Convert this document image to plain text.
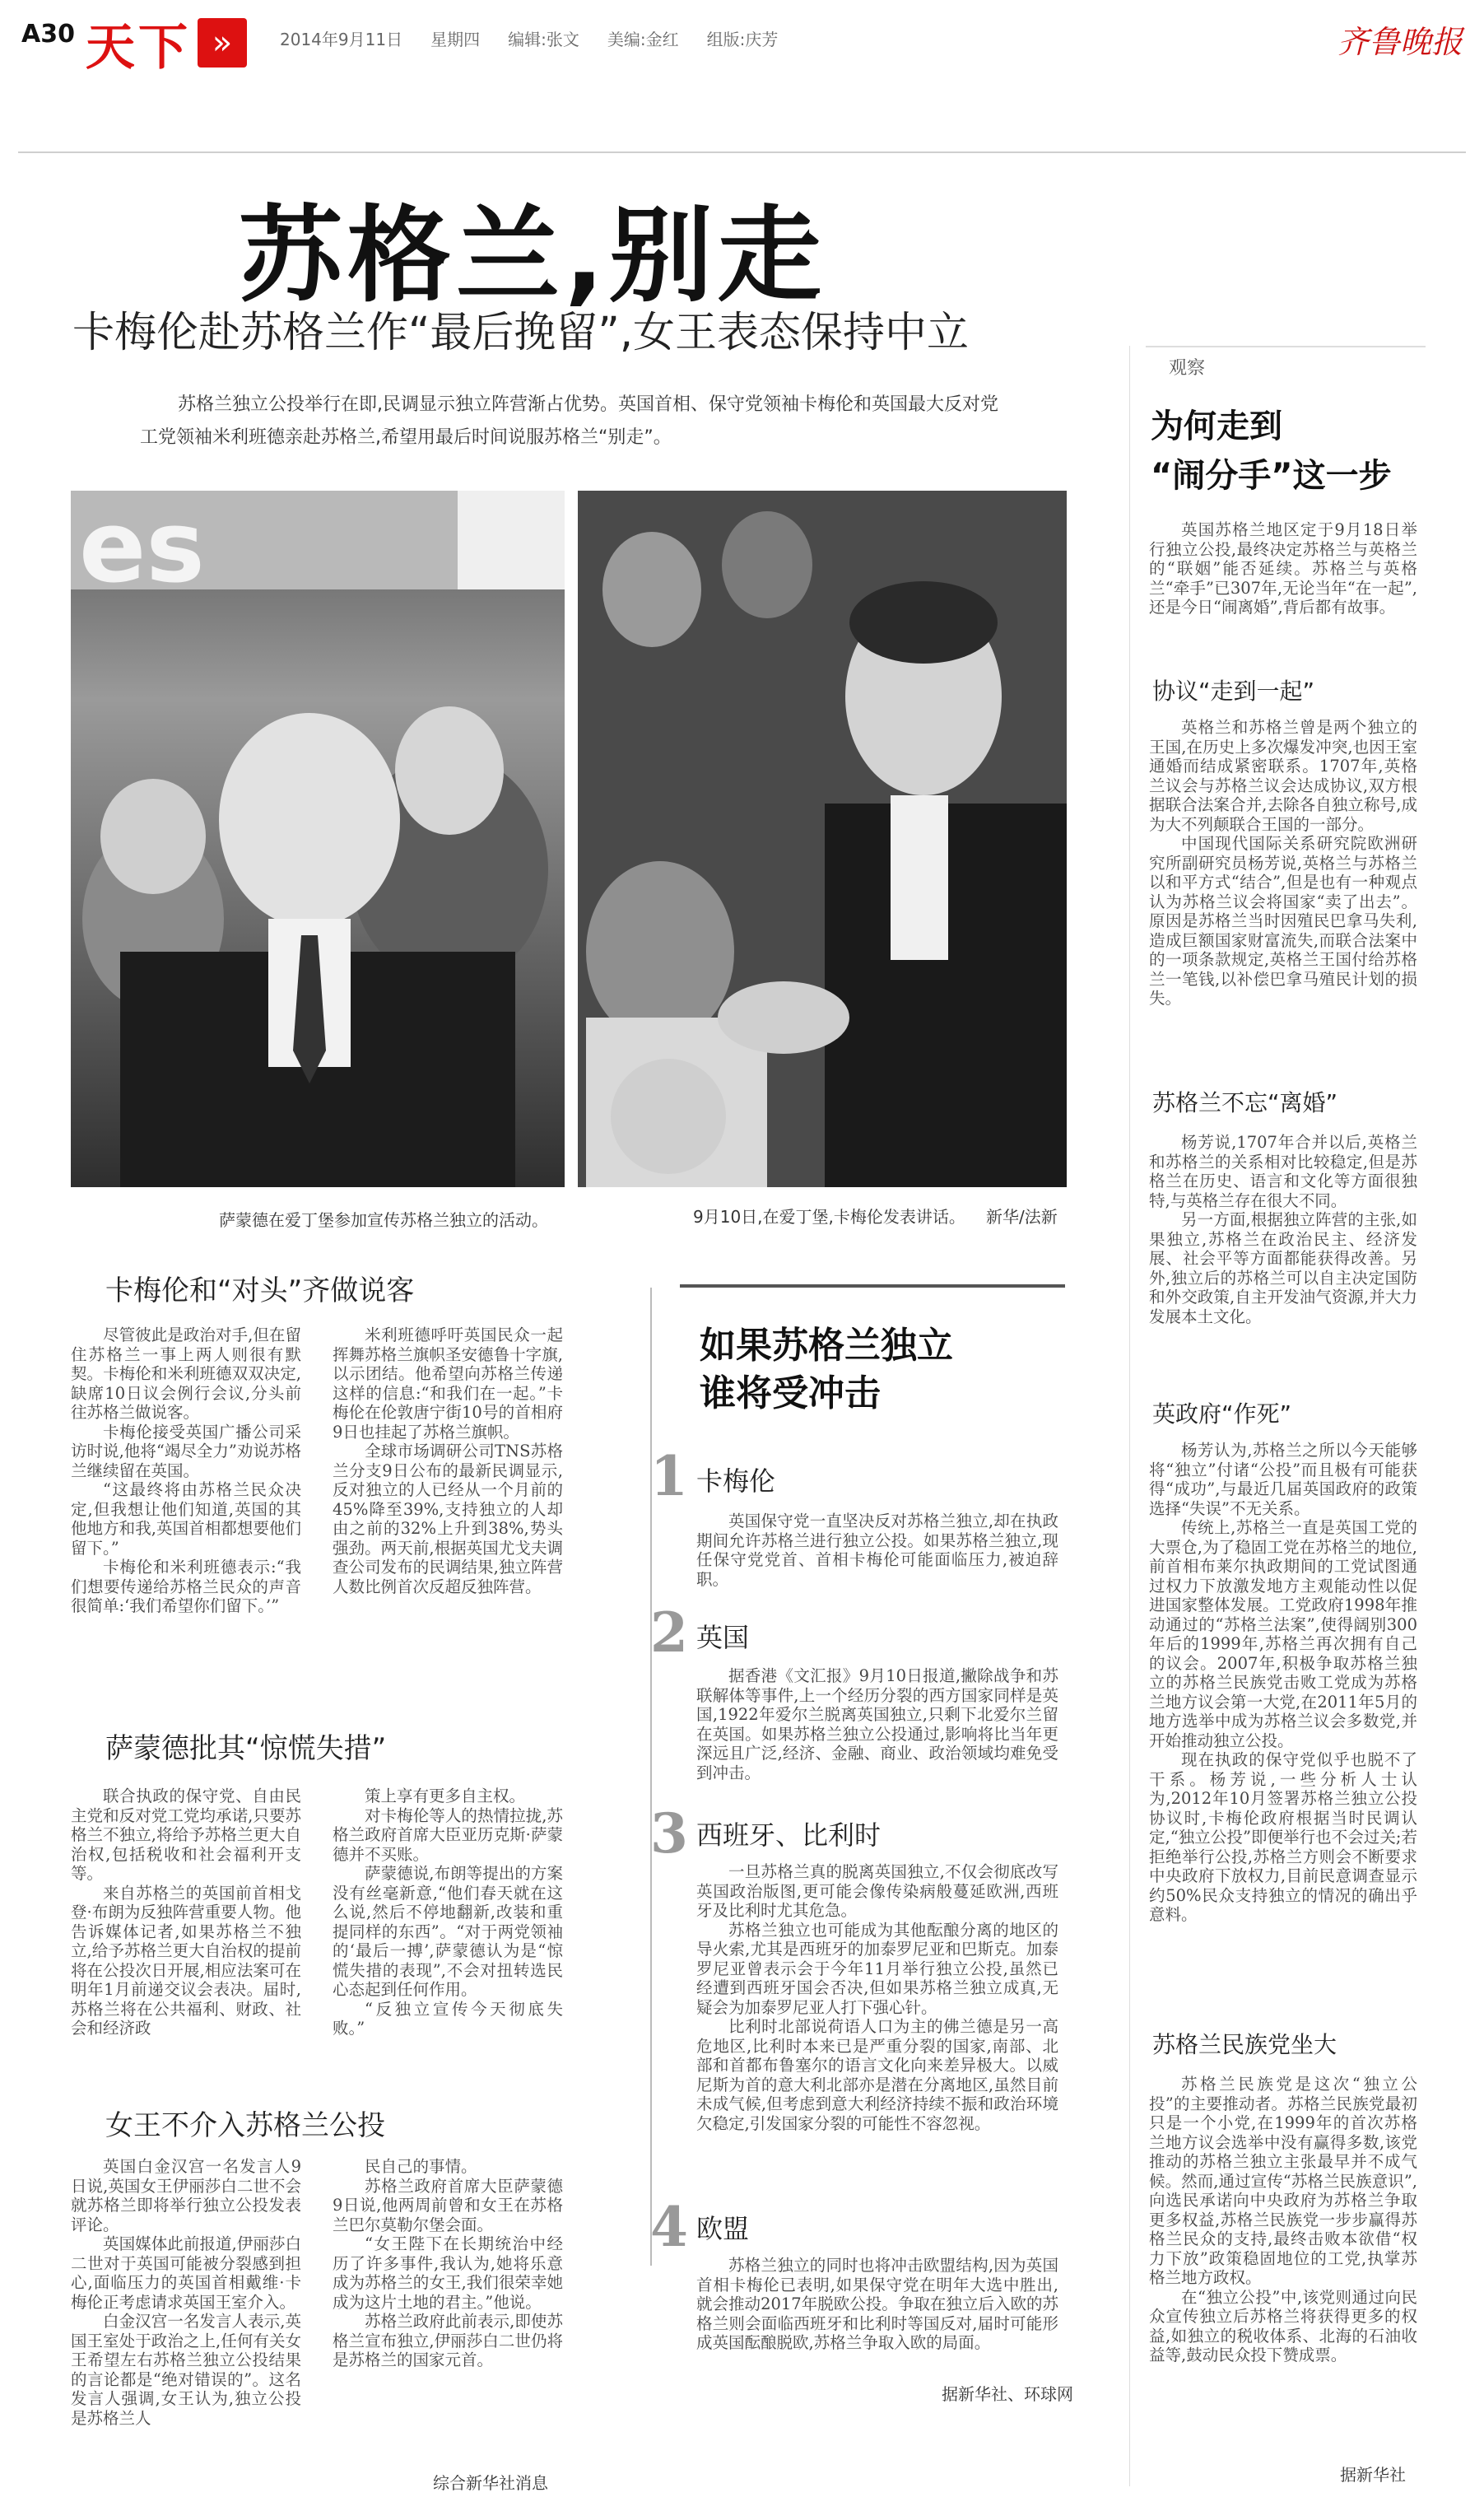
A30 天下 »	2014年9月11日 星期四 编辑:张文 美编:金红 组版:庆芳	齐鲁晚报
苏格兰,别走
卡梅伦赴苏格兰作“最后挽留”,女王表态保持中立
苏格兰独立公投举行在即,民调显示独立阵营渐占优势。英国首相、保守党领袖卡梅伦和英国最大反对党工党领袖米利班德亲赴苏格兰,希望用最后时间说服苏格兰“别走”。
es
萨蒙德在爱丁堡参加宣传苏格兰独立的活动。	9月10日,在爱丁堡,卡梅伦发表讲话。 新华/法新
卡梅伦和“对头”齐做说客

尽管彼此是政治对手,但在留住苏格兰一事上两人则很有默契。卡梅伦和米利班德双双决定,缺席10日议会例行会议,分头前往苏格兰做说客。

卡梅伦接受英国广播公司采访时说,他将“竭尽全力”劝说苏格兰继续留在英国。

“这最终将由苏格兰民众决定,但我想让他们知道,英国的其他地方和我,英国首相都想要他们留下。”

卡梅伦和米利班德表示:“我们想要传递给苏格兰民众的声音很简单:‘我们希望你们留下。’”

米利班德呼吁英国民众一起挥舞苏格兰旗帜圣安德鲁十字旗,以示团结。他希望向苏格兰传递这样的信息:“和我们在一起。”卡梅伦在伦敦唐宁街10号的首相府9日也挂起了苏格兰旗帜。

全球市场调研公司TNS苏格兰分支9日公布的最新民调显示,反对独立的人已经从一个月前的45%降至39%,支持独立的人却由之前的32%上升到38%,势头强劲。两天前,根据英国尤戈夫调查公司发布的民调结果,独立阵营人数比例首次反超反独阵营。

萨蒙德批其“惊慌失措”

联合执政的保守党、自由民主党和反对党工党均承诺,只要苏格兰不独立,将给予苏格兰更大自治权,包括税收和社会福利开支等。

来自苏格兰的英国前首相戈登·布朗为反独阵营重要人物。他告诉媒体记者,如果苏格兰不独立,给予苏格兰更大自治权的提前将在公投次日开展,相应法案可在明年1月前递交议会表决。届时,苏格兰将在公共福利、财政、社会和经济政

策上享有更多自主权。

对卡梅伦等人的热情拉拢,苏格兰政府首席大臣亚历克斯·萨蒙德并不买账。

萨蒙德说,布朗等提出的方案没有丝毫新意,“他们春天就在这么说,然后不停地翻新,改装和重提同样的东西”。“对于两党领袖的‘最后一搏’,萨蒙德认为是“惊慌失措的表现”,不会对扭转选民心态起到任何作用。

“反独立宣传今天彻底失败。”

女王不介入苏格兰公投

英国白金汉宫一名发言人9日说,英国女王伊丽莎白二世不会就苏格兰即将举行独立公投发表评论。

英国媒体此前报道,伊丽莎白二世对于英国可能被分裂感到担心,面临压力的英国首相戴维·卡梅伦正考虑请求英国王室介入。

白金汉宫一名发言人表示,英国王室处于政治之上,任何有关女王希望左右苏格兰独立公投结果的言论都是“绝对错误的”。这名发言人强调,女王认为,独立公投是苏格兰人

民自己的事情。

苏格兰政府首席大臣萨蒙德9日说,他两周前曾和女王在苏格兰巴尔莫勒尔堡会面。

“女王陛下在长期统治中经历了许多事件,我认为,她将乐意成为苏格兰的女王,我们很荣幸她成为这片土地的君主。”他说。

苏格兰政府此前表示,即使苏格兰宣布独立,伊丽莎白二世仍将是苏格兰的国家元首。

综合新华社消息
如果苏格兰独立
谁将受冲击
1 卡梅伦

英国保守党一直坚决反对苏格兰独立,却在执政期间允许苏格兰进行独立公投。如果苏格兰独立,现任保守党党首、首相卡梅伦可能面临压力,被迫辞职。

2 英国

据香港《文汇报》9月10日报道,撇除战争和苏联解体等事件,上一个经历分裂的西方国家同样是英国,1922年爱尔兰脱离英国独立,只剩下北爱尔兰留在英国。如果苏格兰独立公投通过,影响将比当年更深远且广泛,经济、金融、商业、政治领域均难免受到冲击。

3 西班牙、比利时

一旦苏格兰真的脱离英国独立,不仅会彻底改写英国政治版图,更可能会像传染病般蔓延欧洲,西班牙及比利时尤其危急。

苏格兰独立也可能成为其他酝酿分离的地区的导火索,尤其是西班牙的加泰罗尼亚和巴斯克。加泰罗尼亚曾表示会于今年11月举行独立公投,虽然已经遭到西班牙国会否决,但如果苏格兰独立成真,无疑会为加泰罗尼亚人打下强心针。

比利时北部说荷语人口为主的佛兰德是另一高危地区,比利时本来已是严重分裂的国家,南部、北部和首都布鲁塞尔的语言文化向来差异极大。以威尼斯为首的意大利北部亦是潜在分离地区,虽然目前未成气候,但考虑到意大利经济持续不振和政治环境欠稳定,引发国家分裂的可能性不容忽视。

4 欧盟

苏格兰独立的同时也将冲击欧盟结构,因为英国首相卡梅伦已表明,如果保守党在明年大选中胜出,就会推动2017年脱欧公投。争取在独立后入欧的苏格兰则会面临西班牙和比利时等国反对,届时可能形成英国酝酿脱欧,苏格兰争取入欧的局面。

据新华社、环球网
观察
为何走到
“闹分手”这一步

英国苏格兰地区定于9月18日举行独立公投,最终决定苏格兰与英格兰的“联姻”能否延续。苏格兰与英格兰“牵手”已307年,无论当年“在一起”,还是今日“闹离婚”,背后都有故事。

协议“走到一起”

英格兰和苏格兰曾是两个独立的王国,在历史上多次爆发冲突,也因王室通婚而结成紧密联系。1707年,英格兰议会与苏格兰议会达成协议,双方根据联合法案合并,去除各自独立称号,成为大不列颠联合王国的一部分。

中国现代国际关系研究院欧洲研究所副研究员杨芳说,英格兰与苏格兰以和平方式“结合”,但是也有一种观点认为苏格兰议会将国家“卖了出去”。原因是苏格兰当时因殖民巴拿马失利,造成巨额国家财富流失,而联合法案中的一项条款规定,英格兰王国付给苏格兰一笔钱,以补偿巴拿马殖民计划的损失。

苏格兰不忘“离婚”

杨芳说,1707年合并以后,英格兰和苏格兰的关系相对比较稳定,但是苏格兰在历史、语言和文化等方面很独特,与英格兰存在很大不同。

另一方面,根据独立阵营的主张,如果独立,苏格兰在政治民主、经济发展、社会平等方面都能获得改善。另外,独立后的苏格兰可以自主决定国防和外交政策,自主开发油气资源,并大力发展本土文化。

英政府“作死”

杨芳认为,苏格兰之所以今天能够将“独立”付诸“公投”而且极有可能获得“成功”,与最近几届英国政府的政策选择“失误”不无关系。

传统上,苏格兰一直是英国工党的大票仓,为了稳固工党在苏格兰的地位,前首相布莱尔执政期间的工党试图通过权力下放激发地方主观能动性以促进国家整体发展。工党政府1998年推动通过的“苏格兰法案”,使得阔别300年后的1999年,苏格兰再次拥有自己的议会。2007年,积极争取苏格兰独立的苏格兰民族党击败工党成为苏格兰地方议会第一大党,在2011年5月的地方选举中成为苏格兰议会多数党,并开始推动独立公投。

现在执政的保守党似乎也脱不了干系。杨芳说,一些分析人士认为,2012年10月签署苏格兰独立公投协议时,卡梅伦政府根据当时民调认定,“独立公投”即便举行也不会过关;若拒绝举行公投,苏格兰方则会不断要求中央政府下放权力,目前民意调查显示约50%民众支持独立的情况的确出乎意料。

苏格兰民族党坐大

苏格兰民族党是这次“独立公投”的主要推动者。苏格兰民族党最初只是一个小党,在1999年的首次苏格兰地方议会选举中没有赢得多数,该党推动的苏格兰独立主张最早并不成气候。然而,通过宣传“苏格兰民族意识”,向选民承诺向中央政府为苏格兰争取更多权益,苏格兰民族党一步步赢得苏格兰民众的支持,最终击败本欲借“权力下放”政策稳固地位的工党,执掌苏格兰地方政权。

在“独立公投”中,该党则通过向民众宣传独立后苏格兰将获得更多的权益,如独立的税收体系、北海的石油收益等,鼓动民众投下赞成票。

据新华社
